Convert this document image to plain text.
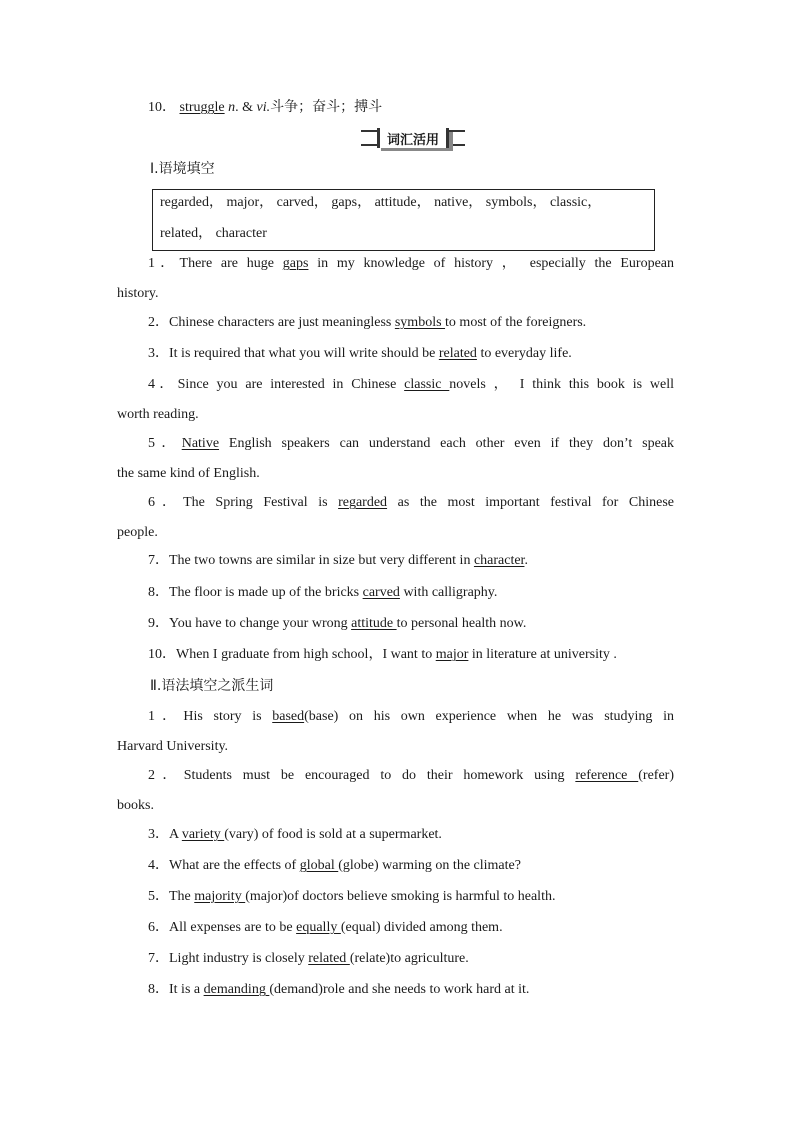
10． struggle n. & vi.斗争；奋斗；搏斗
词汇活用
Ⅰ.语境填空
regarded， major， carved， gaps， attitude， native， symbols， classic，
related， character
1．There are huge gaps in my knowledge of history ， especially the European
history.
2．Chinese characters are just meaningless symbols to most of the foreigners.
3．It is required that what you will write should be related to everyday life.
4．Since you are interested in Chinese classic novels ， I think this book is well
worth reading.
5．Native English speakers can understand each other even if they don’t speak
the same kind of English.
6．The Spring Festival is regarded as the most important festival for Chinese
people.
7．The two towns are similar in size but very different in character.
8．The floor is made up of the bricks carved with calligraphy.
9．You have to change your wrong attitude to personal health now.
10．When I graduate from high school，I want to major in literature at university .
Ⅱ.语法填空之派生词
1．His story is based(base) on his own experience when he was studying in
Harvard University.
2．Students must be encouraged to do their homework using reference (refer)
books.
3．A variety (vary) of food is sold at a supermarket.
4．What are the effects of global (globe) warming on the climate?
5．The majority (major)of doctors believe smoking is harmful to health.
6．All expenses are to be equally (equal) divided among them.
7．Light industry is closely related (relate)to agriculture.
8．It is a demanding (demand)role and she needs to work hard at it.
